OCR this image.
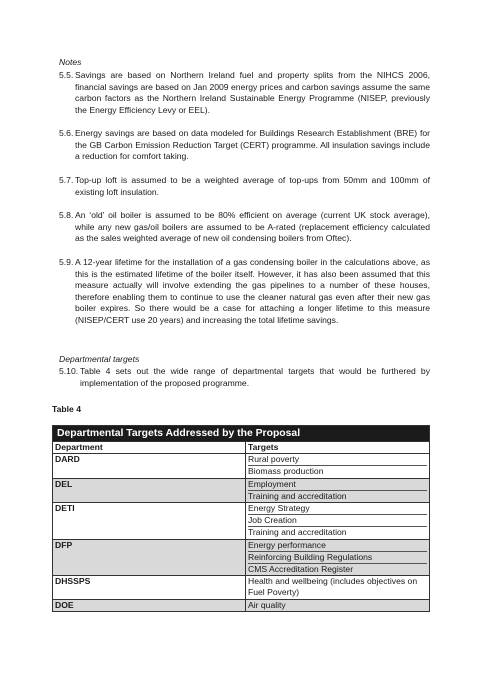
Notes
5.5. Savings are based on Northern Ireland fuel and property splits from the NIHCS 2006, financial savings are based on Jan 2009 energy prices and carbon savings assume the same carbon factors as the Northern Ireland Sustainable Energy Programme (NISEP, previously the Energy Efficiency Levy or EEL).
5.6. Energy savings are based on data modeled for Buildings Research Establishment (BRE) for the GB Carbon Emission Reduction Target (CERT) programme. All insulation savings include a reduction for comfort taking.
5.7. Top-up loft is assumed to be a weighted average of top-ups from 50mm and 100mm of existing loft insulation.
5.8. An ‘old’ oil boiler is assumed to be 80% efficient on average (current UK stock average), while any new gas/oil boilers are assumed to be A-rated (replacement efficiency calculated as the sales weighted average of new oil condensing boilers from Oftec).
5.9. A 12-year lifetime for the installation of a gas condensing boiler in the calculations above, as this is the estimated lifetime of the boiler itself. However, it has also been assumed that this measure actually will involve extending the gas pipelines to a number of these houses, therefore enabling them to continue to use the cleaner natural gas even after their new gas boiler expires. So there would be a case for attaching a longer lifetime to this measure (NISEP/CERT use 20 years) and increasing the total lifetime savings.
Departmental targets
5.10. Table 4 sets out the wide range of departmental targets that would be furthered by implementation of the proposed programme.
Table 4
Departmental Targets Addressed by the Proposal	
Department	Targets
DARD	Rural poverty
Biomass production

DEL	Employment
Training and accreditation

DETI	Energy Strategy
Job Creation
Training and accreditation

DFP	Energy performance
Reinforcing Building Regulations
CMS Accreditation Register

DHSSPS	Health and wellbeing (includes objectives on Fuel Poverty)

DOE	Air quality
